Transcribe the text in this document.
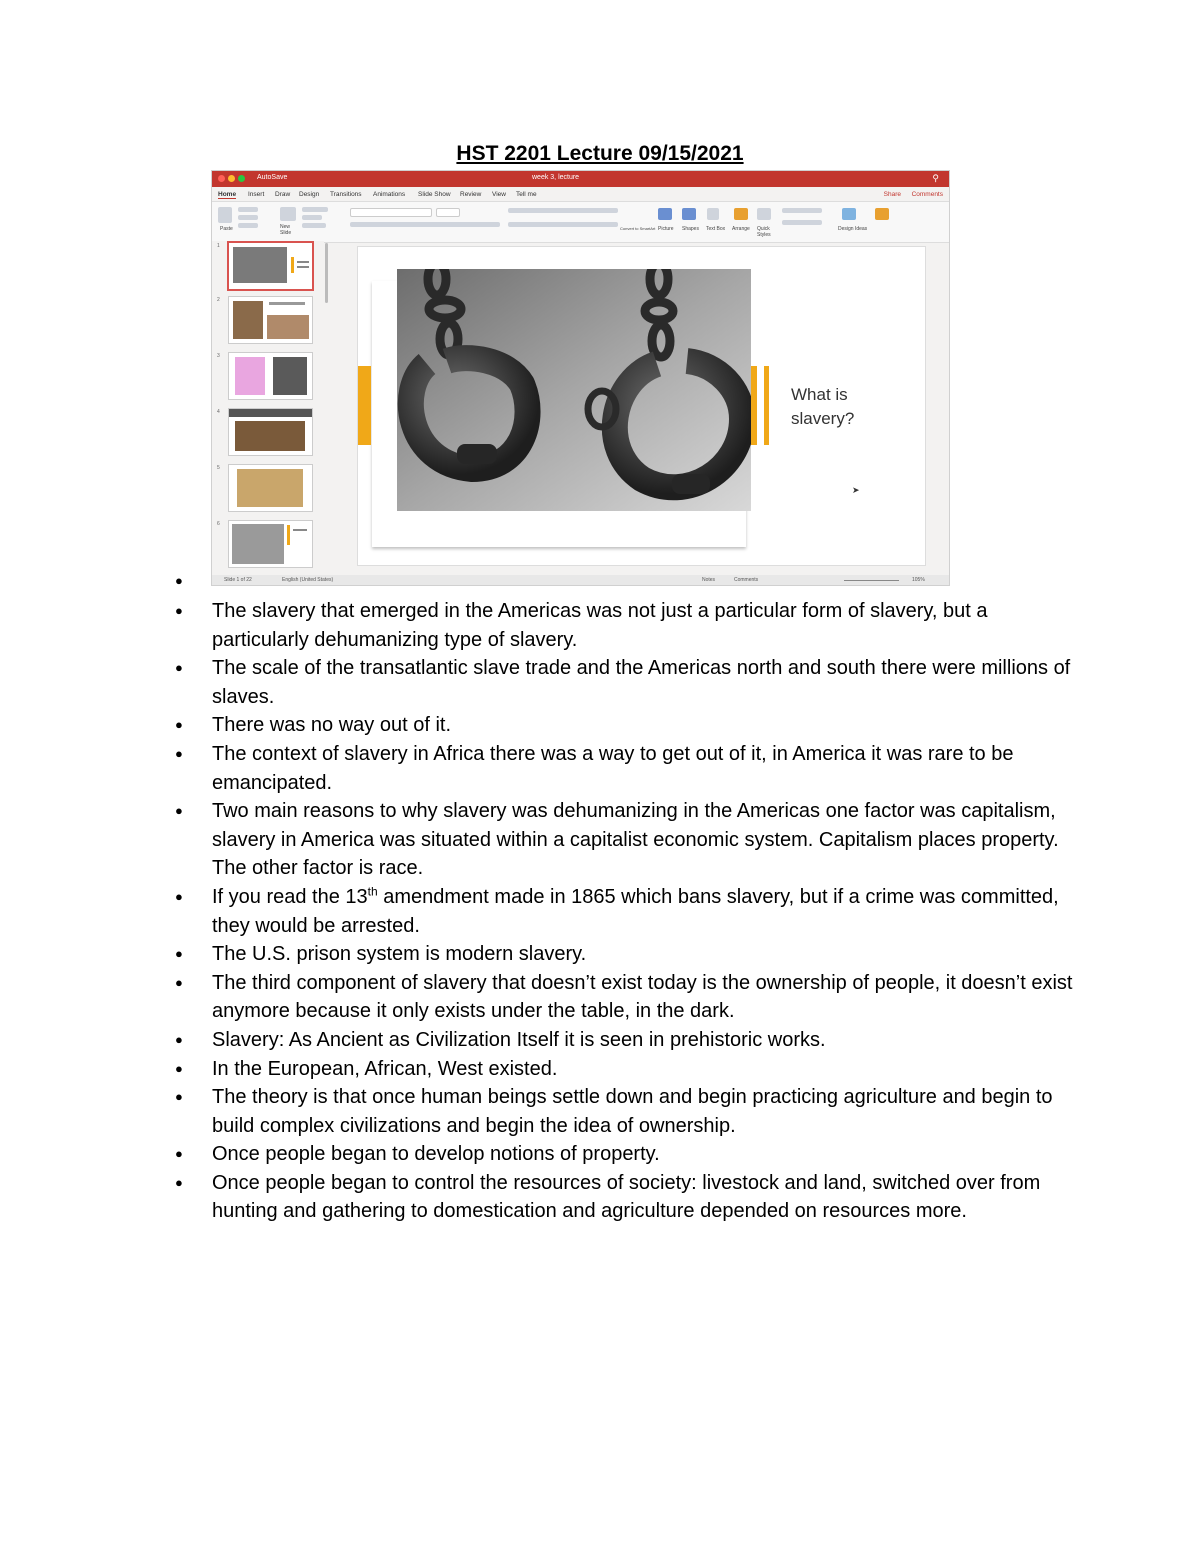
HST 2201 Lecture 09/15/2021
AutoSave	week 3, lecture	⚲
Home Insert Draw Design Transitions Animations Slide Show Review View Tell me	Share Comments
Paste	New Slide
Convert to SmartArt Picture Shapes Text Box Arrange Quick Styles
Design Ideas
1
2
3
4
5
6
What is
slavery?
➤
Slide 1 of 22	English (United States)	Notes	Comments	105%
●
● The slavery that emerged in the Americas was not just a particular form of slavery, but a particularly dehumanizing type of slavery.
● The scale of the transatlantic slave trade and the Americas north and south there were millions of slaves.
● There was no way out of it.
● The context of slavery in Africa there was a way to get out of it, in America it was rare to be emancipated.
● Two main reasons to why slavery was dehumanizing in the Americas one factor was capitalism, slavery in America was situated within a capitalist economic system. Capitalism places property. The other factor is race.
● If you read the 13th amendment made in 1865 which bans slavery, but if a crime was committed, they would be arrested.
● The U.S. prison system is modern slavery.
● The third component of slavery that doesn’t exist today is the ownership of people, it doesn’t exist anymore because it only exists under the table, in the dark.
● Slavery: As Ancient as Civilization Itself it is seen in prehistoric works.
● In the European, African, West existed.
● The theory is that once human beings settle down and begin practicing agriculture and begin to build complex civilizations and begin the idea of ownership.
● Once people began to develop notions of property.
● Once people began to control the resources of society: livestock and land, switched over from hunting and gathering to domestication and agriculture depended on resources more.
